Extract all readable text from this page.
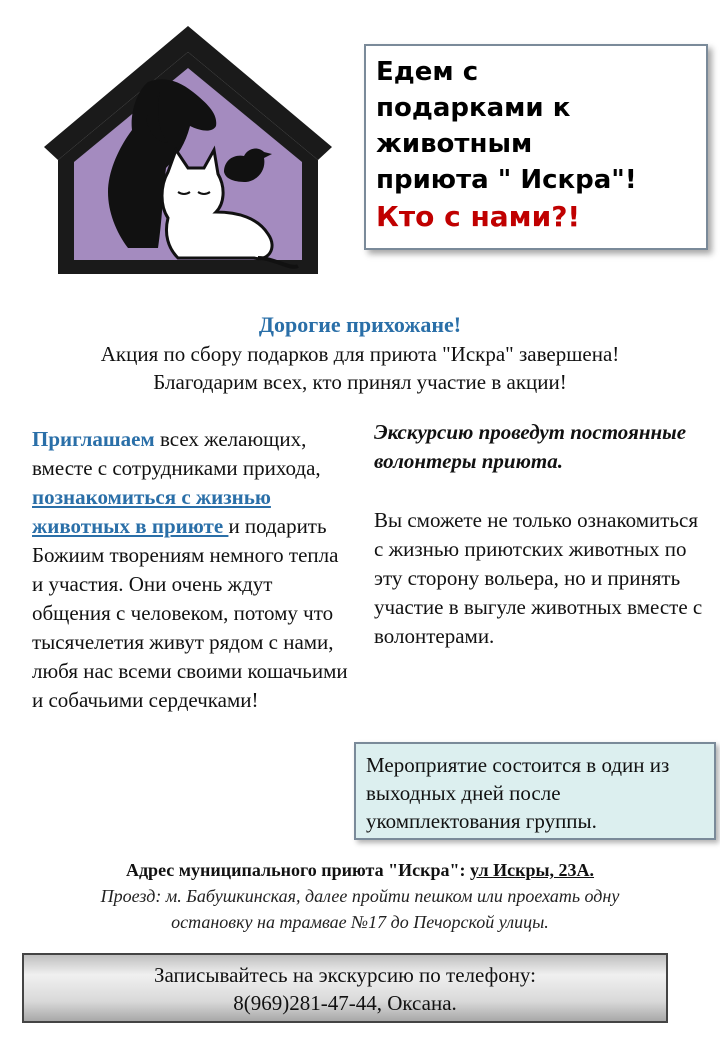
Едем с

подарками к

животным

приюта " Искра"!

Кто с нами?!

Дорогие прихожане!
Акция по сбору подарков для приюта "Искра" завершена!
Благодарим всех, кто принял участие в акции!
Приглашаем всех желающих, вместе с сотрудниками прихода, познакомиться с жизнью животных в приюте и подарить Божиим творениям немного тепла и участия. Они очень ждут общения с человеком, потому что тысячелетия живут рядом с нами, любя нас всеми своими кошачьими и собачьими сердечками!

Экскурсию проведут постоянные волонтеры приюта.

Вы сможете не только ознакомиться с жизнью приютских животных по эту сторону вольера, но и принять участие в выгуле животных вместе с волонтерами.

Мероприятие состоится в один из выходных дней после укомплектования группы.
Адрес муниципального приюта "Искра": ул Искры, 23А.
Проезд: м. Бабушкинская, далее пройти пешком или проехать одну
остановку на трамвае №17 до Печорской улицы.
Записывайтесь на экскурсию по телефону:
8(969)281-47-44, Оксана.
